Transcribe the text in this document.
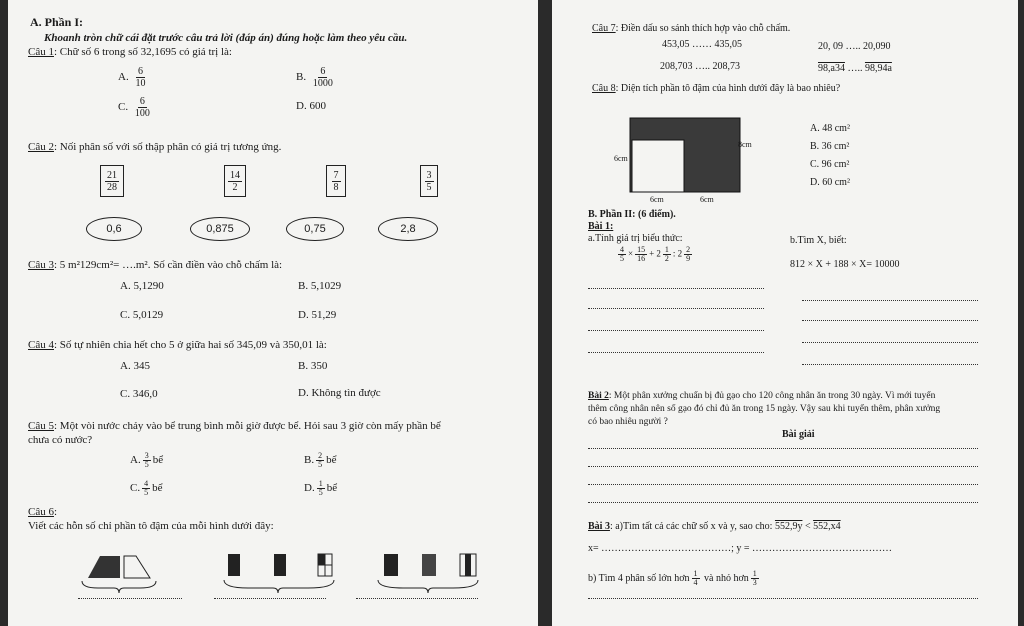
A. Phần I:
Khoanh tròn chữ cái đặt trước câu trả lời (đáp án) đúng hoặc làm theo yêu cầu.
Câu 1: Chữ số 6 trong số 32,1695 có giá trị là:
A. $\frac{6}{10}$	B. $\frac{6}{1000}$
C. $\frac{6}{100}$	D. 600
Câu 2: Nối phân số với số thập phân có giá trị tương ứng.
$\frac{21}{28}$	$\frac{14}{2}$	$\frac{7}{8}$	$\frac{3}{5}$
0,6	0,875	0,75	2,8
Câu 3: 5 m²129cm²= ….m². Số cần điền vào chỗ chấm là:
A. 5,1290	B. 5,1029
C. 5,0129	D. 51,29
Câu 4: Số tự nhiên chia hết cho 5 ở giữa hai số 345,09 và 350,01 là:
A. 345	B. 350
C. 346,0	D. Không tìn được
Câu 5: Một vòi nước chảy vào bể trung bình mỗi giờ được bể. Hỏi sau 3 giờ còn mấy phần bể
chưa có nước?
A. $\frac{3}{5}$ bể	B. $\frac{2}{5}$ bể
C. $\frac{4}{5}$ bể	D. $\frac{1}{5}$ bể
Câu 6:
Viết các hỗn số chỉ phần tô đậm của mỗi hình dưới đây:
Câu 7: Điền dấu so sánh thích hợp vào chỗ chấm.
453,05 …… 435,05	20, 09 ….. 20,090
208,703 ….. 208,73	98,a34 ….. 98,94a
Câu 8: Diện tích phần tô đậm của hình dưới đây là bao nhiêu?
8cm
6cm
6cm	6cm
A. 48 cm²
B. 36 cm²
C. 96 cm²
D. 60 cm²
B. Phần II: (6 điểm).
Bài 1:
a.Tính giá trị biểu thức:	b.Tìm X, biết:
$\frac{4}{5} \times \frac{15}{16} + 2 \frac{1}{2}$ : $2 \frac{2}{9}$
812 × X + 188 × X= 10000
Bài 2: Một phân xưởng chuẩn bị đủ gạo cho 120 công nhân ăn trong 30 ngày. Vì mới tuyển
thêm công nhân nên số gạo đó chỉ đủ ăn trong 15 ngày. Vậy sau khi tuyển thêm, phân xưởng
có bao nhiêu người ?
Bài giải
Bài 3: a)Tìm tất cả các chữ số x và y, sao cho: 552,9y < 552,x4
x= …………………………………; y = ……………………………………
b) Tìm 4 phân số lớn hơn $\frac{1}{4}$ và nhỏ hơn $\frac{1}{3}$
